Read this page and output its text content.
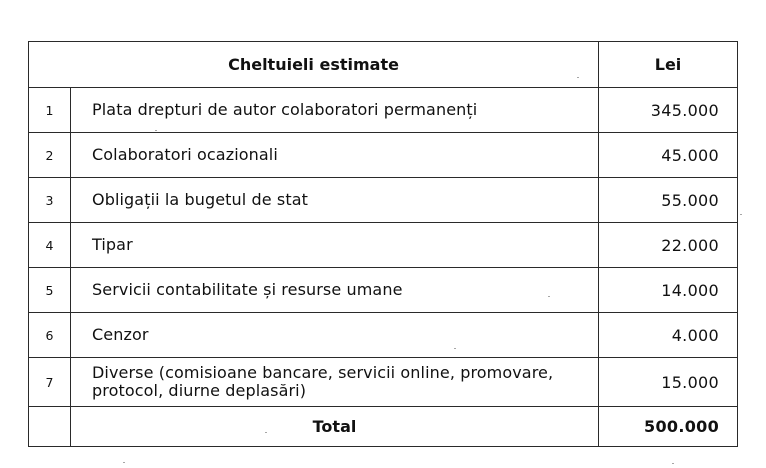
Cheltuieli estimate		Lei
1	Plata drepturi de autor colaboratori permanenți	345.000
2	Colaboratori ocazionali	45.000
3	Obligații la bugetul de stat	55.000
4	Tipar	22.000
5	Servicii contabilitate și resurse umane	14.000
6	Cenzor	4.000
7	Diverse (comisioane bancare, servicii online, promovare, protocol, diurne deplasări)	15.000
	Total	500.000
